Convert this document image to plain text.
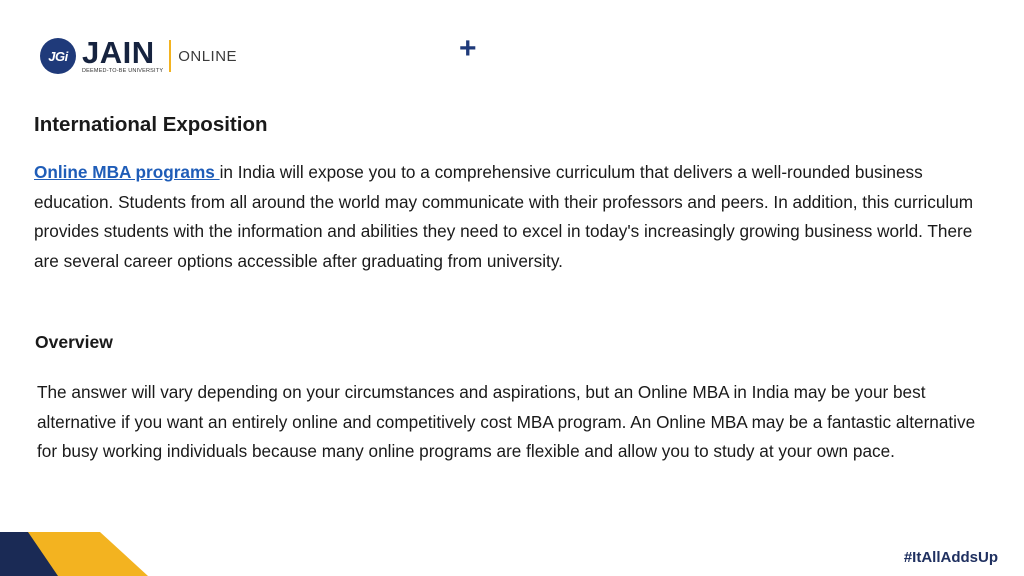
JGi JAIN
DEEMED-TO-BE UNIVERSITY
ONLINE	+
International Exposition

Online MBA programs in India will expose you to a comprehensive curriculum that delivers a well-rounded business education. Students from all around the world may communicate with their professors and peers. In addition, this curriculum provides students with the information and abilities they need to excel in today's increasingly growing business world. There are several career options accessible after graduating from university.

Overview

The answer will vary depending on your circumstances and aspirations, but an Online MBA in India may be your best alternative if you want an entirely online and competitively cost MBA program. An Online MBA may be a fantastic alternative for busy working individuals because many online programs are flexible and allow you to study at your own pace.

#ItAllAddsUp
